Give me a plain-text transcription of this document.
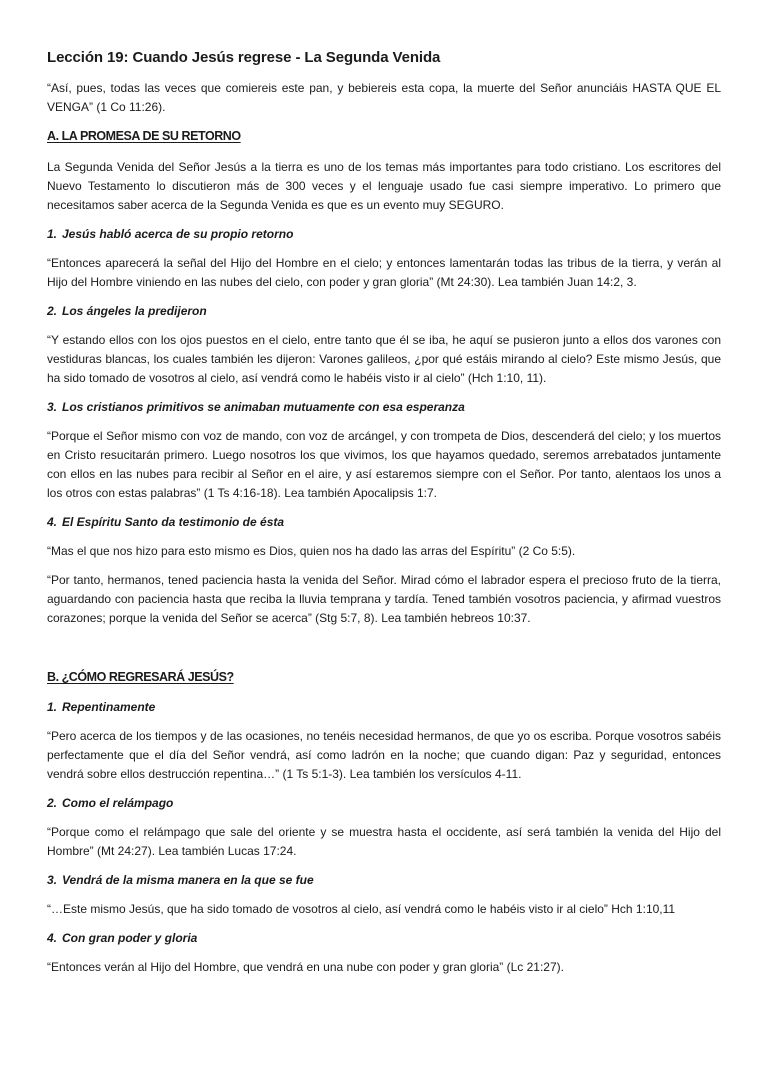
Lección 19: Cuando Jesús regrese - La Segunda Venida

“Así, pues, todas las veces que comiereis este pan, y bebiereis esta copa, la muerte del Señor anunciáis HASTA QUE EL VENGA” (1 Co 11:26).

A. LA PROMESA DE SU RETORNO

La Segunda Venida del Señor Jesús a la tierra es uno de los temas más importantes para todo cristiano. Los escritores del Nuevo Testamento lo discutieron más de 300 veces y el lenguaje usado fue casi siempre imperativo. Lo primero que necesitamos saber acerca de la Segunda Venida es que es un evento muy SEGURO.

1. Jesús habló acerca de su propio retorno

“Entonces aparecerá la señal del Hijo del Hombre en el cielo; y entonces lamentarán todas las tribus de la tierra, y verán al Hijo del Hombre viniendo en las nubes del cielo, con poder y gran gloria” (Mt 24:30). Lea también Juan 14:2, 3.

2. Los ángeles la predijeron

“Y estando ellos con los ojos puestos en el cielo, entre tanto que él se iba, he aquí se pusieron junto a ellos dos varones con vestiduras blancas, los cuales también les dijeron: Varones galileos, ¿por qué estáis mirando al cielo? Este mismo Jesús, que ha sido tomado de vosotros al cielo, así vendrá como le habéis visto ir al cielo” (Hch 1:10, 11).

3. Los cristianos primitivos se animaban mutuamente con esa esperanza

“Porque el Señor mismo con voz de mando, con voz de arcángel, y con trompeta de Dios, descenderá del cielo; y los muertos en Cristo resucitarán primero. Luego nosotros los que vivimos, los que hayamos quedado, seremos arrebatados juntamente con ellos en las nubes para recibir al Señor en el aire, y así estaremos siempre con el Señor. Por tanto, alentaos los unos a los otros con estas palabras” (1 Ts 4:16-18). Lea también Apocalipsis 1:7.

4. El Espíritu Santo da testimonio de ésta

“Mas el que nos hizo para esto mismo es Dios, quien nos ha dado las arras del Espíritu” (2 Co 5:5).

“Por tanto, hermanos, tened paciencia hasta la venida del Señor. Mirad cómo el labrador espera el precioso fruto de la tierra, aguardando con paciencia hasta que reciba la lluvia temprana y tardía. Tened también vosotros paciencia, y afirmad vuestros corazones; porque la venida del Señor se acerca” (Stg 5:7, 8). Lea también hebreos 10:37.

B. ¿CÓMO REGRESARÁ JESÚS?
1. Repentinamente

“Pero acerca de los tiempos y de las ocasiones, no tenéis necesidad hermanos, de que yo os escriba. Porque vosotros sabéis perfectamente que el día del Señor vendrá, así como ladrón en la noche; que cuando digan: Paz y seguridad, entonces vendrá sobre ellos destrucción repentina…” (1 Ts 5:1-3). Lea también los versículos 4-11.

2. Como el relámpago

“Porque como el relámpago que sale del oriente y se muestra hasta el occidente, así será también la venida del Hijo del Hombre” (Mt 24:27). Lea también Lucas 17:24.

3. Vendrá de la misma manera en la que se fue

“…Este mismo Jesús, que ha sido tomado de vosotros al cielo, así vendrá como le habéis visto ir al cielo” Hch 1:10,11

4. Con gran poder y gloria

“Entonces verán al Hijo del Hombre, que vendrá en una nube con poder y gran gloria” (Lc 21:27).
